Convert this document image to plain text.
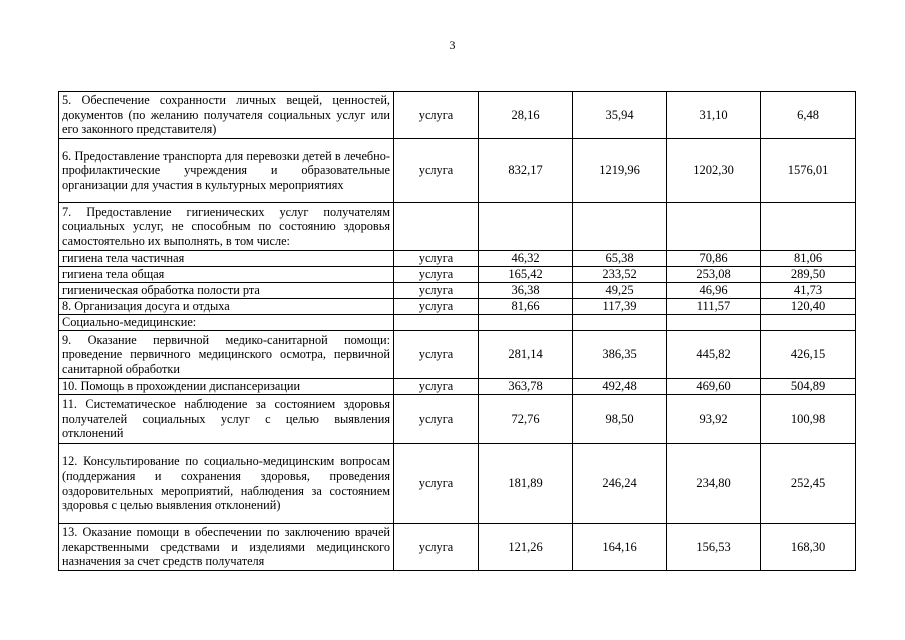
3
5. Обеспечение сохранности личных вещей, ценностей, документов (по желанию получателя социальных услуг или его законного представителя)	услуга	28,16	35,94	31,10	6,48
6. Предоставление транспорта для перевозки детей в лечебно-профилактические учреждения и образовательные организации для участия в культурных мероприятиях	услуга	832,17	1219,96	1202,30	1576,01
7. Предоставление гигиенических услуг получателям социальных услуг, не способным по состоянию здоровья самостоятельно их выполнять, в том числе:					
гигиена тела частичная	услуга	46,32	65,38	70,86	81,06
гигиена тела общая	услуга	165,42	233,52	253,08	289,50
гигиеническая обработка полости рта	услуга	36,38	49,25	46,96	41,73
8. Организация досуга и отдыха	услуга	81,66	117,39	111,57	120,40
Социально-медицинские:					
9. Оказание первичной медико-санитарной помощи: проведение первичного медицинского осмотра, первичной санитарной обработки	услуга	281,14	386,35	445,82	426,15
10. Помощь в прохождении диспансеризации	услуга	363,78	492,48	469,60	504,89
11. Систематическое наблюдение за состоянием здоровья получателей социальных услуг с целью выявления отклонений	услуга	72,76	98,50	93,92	100,98
12. Консультирование по социально-медицинским вопросам (поддержания и сохранения здоровья, проведения оздоровительных мероприятий, наблюдения за состоянием здоровья с целью выявления отклонений)	услуга	181,89	246,24	234,80	252,45
13. Оказание помощи в обеспечении по заключению врачей лекарственными средствами и изделиями медицинского назначения за счет средств получателя	услуга	121,26	164,16	156,53	168,30
